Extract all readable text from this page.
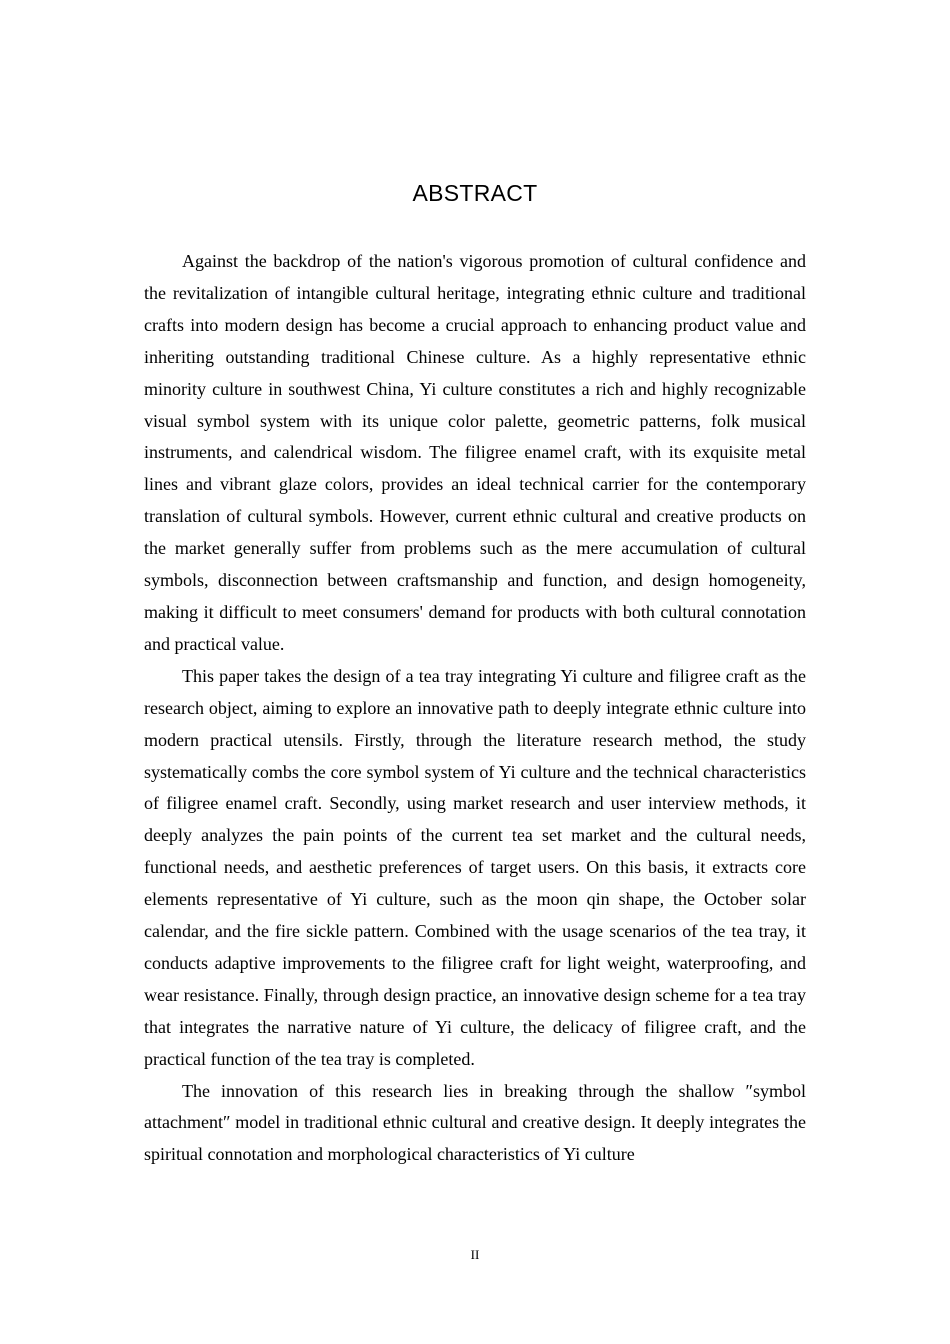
ABSTRACT

Against the backdrop of the nation's vigorous promotion of cultural confidence and the revitalization of intangible cultural heritage, integrating ethnic culture and traditional crafts into modern design has become a crucial approach to enhancing product value and inheriting outstanding traditional Chinese culture. As a highly representative ethnic minority culture in southwest China, Yi culture constitutes a rich and highly recognizable visual symbol system with its unique color palette, geometric patterns, folk musical instruments, and calendrical wisdom. The filigree enamel craft, with its exquisite metal lines and vibrant glaze colors, provides an ideal technical carrier for the contemporary translation of cultural symbols. However, current ethnic cultural and creative products on the market generally suffer from problems such as the mere accumulation of cultural symbols, disconnection between craftsmanship and function, and design homogeneity, making it difficult to meet consumers' demand for products with both cultural connotation and practical value.

This paper takes the design of a tea tray integrating Yi culture and filigree craft as the research object, aiming to explore an innovative path to deeply integrate ethnic culture into modern practical utensils. Firstly, through the literature research method, the study systematically combs the core symbol system of Yi culture and the technical characteristics of filigree enamel craft. Secondly, using market research and user interview methods, it deeply analyzes the pain points of the current tea set market and the cultural needs, functional needs, and aesthetic preferences of target users. On this basis, it extracts core elements representative of Yi culture, such as the moon qin shape, the October solar calendar, and the fire sickle pattern. Combined with the usage scenarios of the tea tray, it conducts adaptive improvements to the filigree craft for light weight, waterproofing, and wear resistance. Finally, through design practice, an innovative design scheme for a tea tray that integrates the narrative nature of Yi culture, the delicacy of filigree craft, and the practical function of the tea tray is completed.

The innovation of this research lies in breaking through the shallow ″symbol attachment″ model in traditional ethnic cultural and creative design. It deeply integrates the spiritual connotation and morphological characteristics of Yi culture

II
